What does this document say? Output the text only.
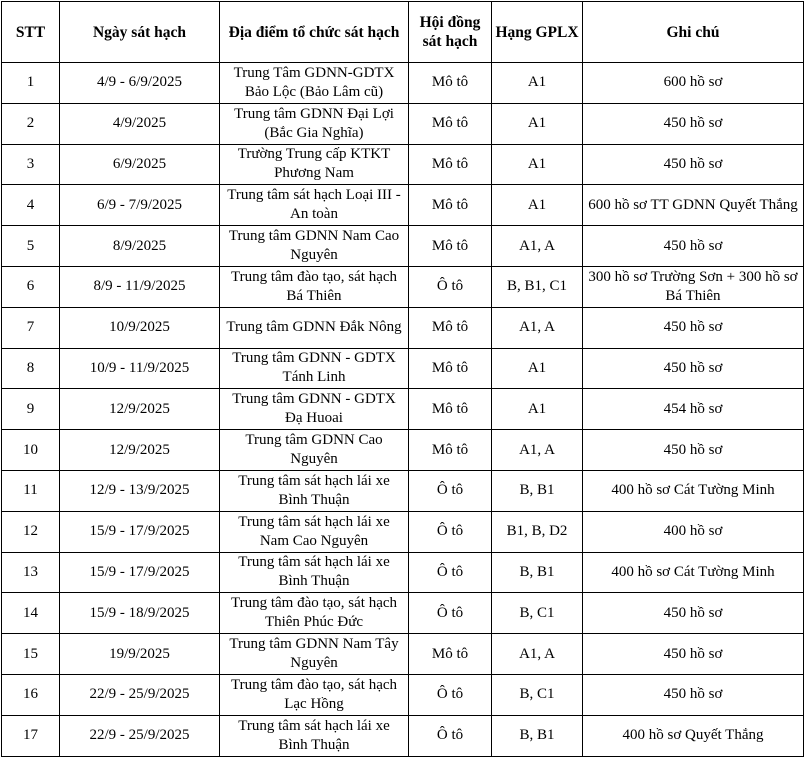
STT	Ngày sát hạch	Địa điểm tổ chức sát hạch	Hội đồng sát hạch	Hạng GPLX	Ghi chú
1	4/9 - 6/9/2025	Trung Tâm GDNN-GDTX Bảo Lộc (Bảo Lâm cũ)	Mô tô	A1	600 hồ sơ
2	4/9/2025	Trung tâm GDNN Đại Lợi (Bắc Gia Nghĩa)	Mô tô	A1	450 hồ sơ
3	6/9/2025	Trường Trung cấp KTKT Phương Nam	Mô tô	A1	450 hồ sơ
4	6/9 - 7/9/2025	Trung tâm sát hạch Loại III - An toàn	Mô tô	A1	600 hồ sơ TT GDNN Quyết Thắng
5	8/9/2025	Trung tâm GDNN Nam Cao Nguyên	Mô tô	A1, A	450 hồ sơ
6	8/9 - 11/9/2025	Trung tâm đào tạo, sát hạch Bá Thiên	Ô tô	B, B1, C1	300 hồ sơ Trường Sơn + 300 hồ sơ Bá Thiên
7	10/9/2025	Trung tâm GDNN Đắk Nông	Mô tô	A1, A	450 hồ sơ
8	10/9 - 11/9/2025	Trung tâm GDNN - GDTX Tánh Linh	Mô tô	A1	450 hồ sơ
9	12/9/2025	Trung tâm GDNN - GDTX Đạ Huoai	Mô tô	A1	454 hồ sơ
10	12/9/2025	Trung tâm GDNN Cao Nguyên	Mô tô	A1, A	450 hồ sơ
11	12/9 - 13/9/2025	Trung tâm sát hạch lái xe Bình Thuận	Ô tô	B, B1	400 hồ sơ Cát Tường Minh
12	15/9 - 17/9/2025	Trung tâm sát hạch lái xe Nam Cao Nguyên	Ô tô	B1, B, D2	400 hồ sơ
13	15/9 - 17/9/2025	Trung tâm sát hạch lái xe Bình Thuận	Ô tô	B, B1	400 hồ sơ Cát Tường Minh
14	15/9 - 18/9/2025	Trung tâm đào tạo, sát hạch Thiên Phúc Đức	Ô tô	B, C1	450 hồ sơ
15	19/9/2025	Trung tâm GDNN Nam Tây Nguyên	Mô tô	A1, A	450 hồ sơ
16	22/9 - 25/9/2025	Trung tâm đào tạo, sát hạch Lạc Hồng	Ô tô	B, C1	450 hồ sơ
17	22/9 - 25/9/2025	Trung tâm sát hạch lái xe Bình Thuận	Ô tô	B, B1	400 hồ sơ Quyết Thắng
